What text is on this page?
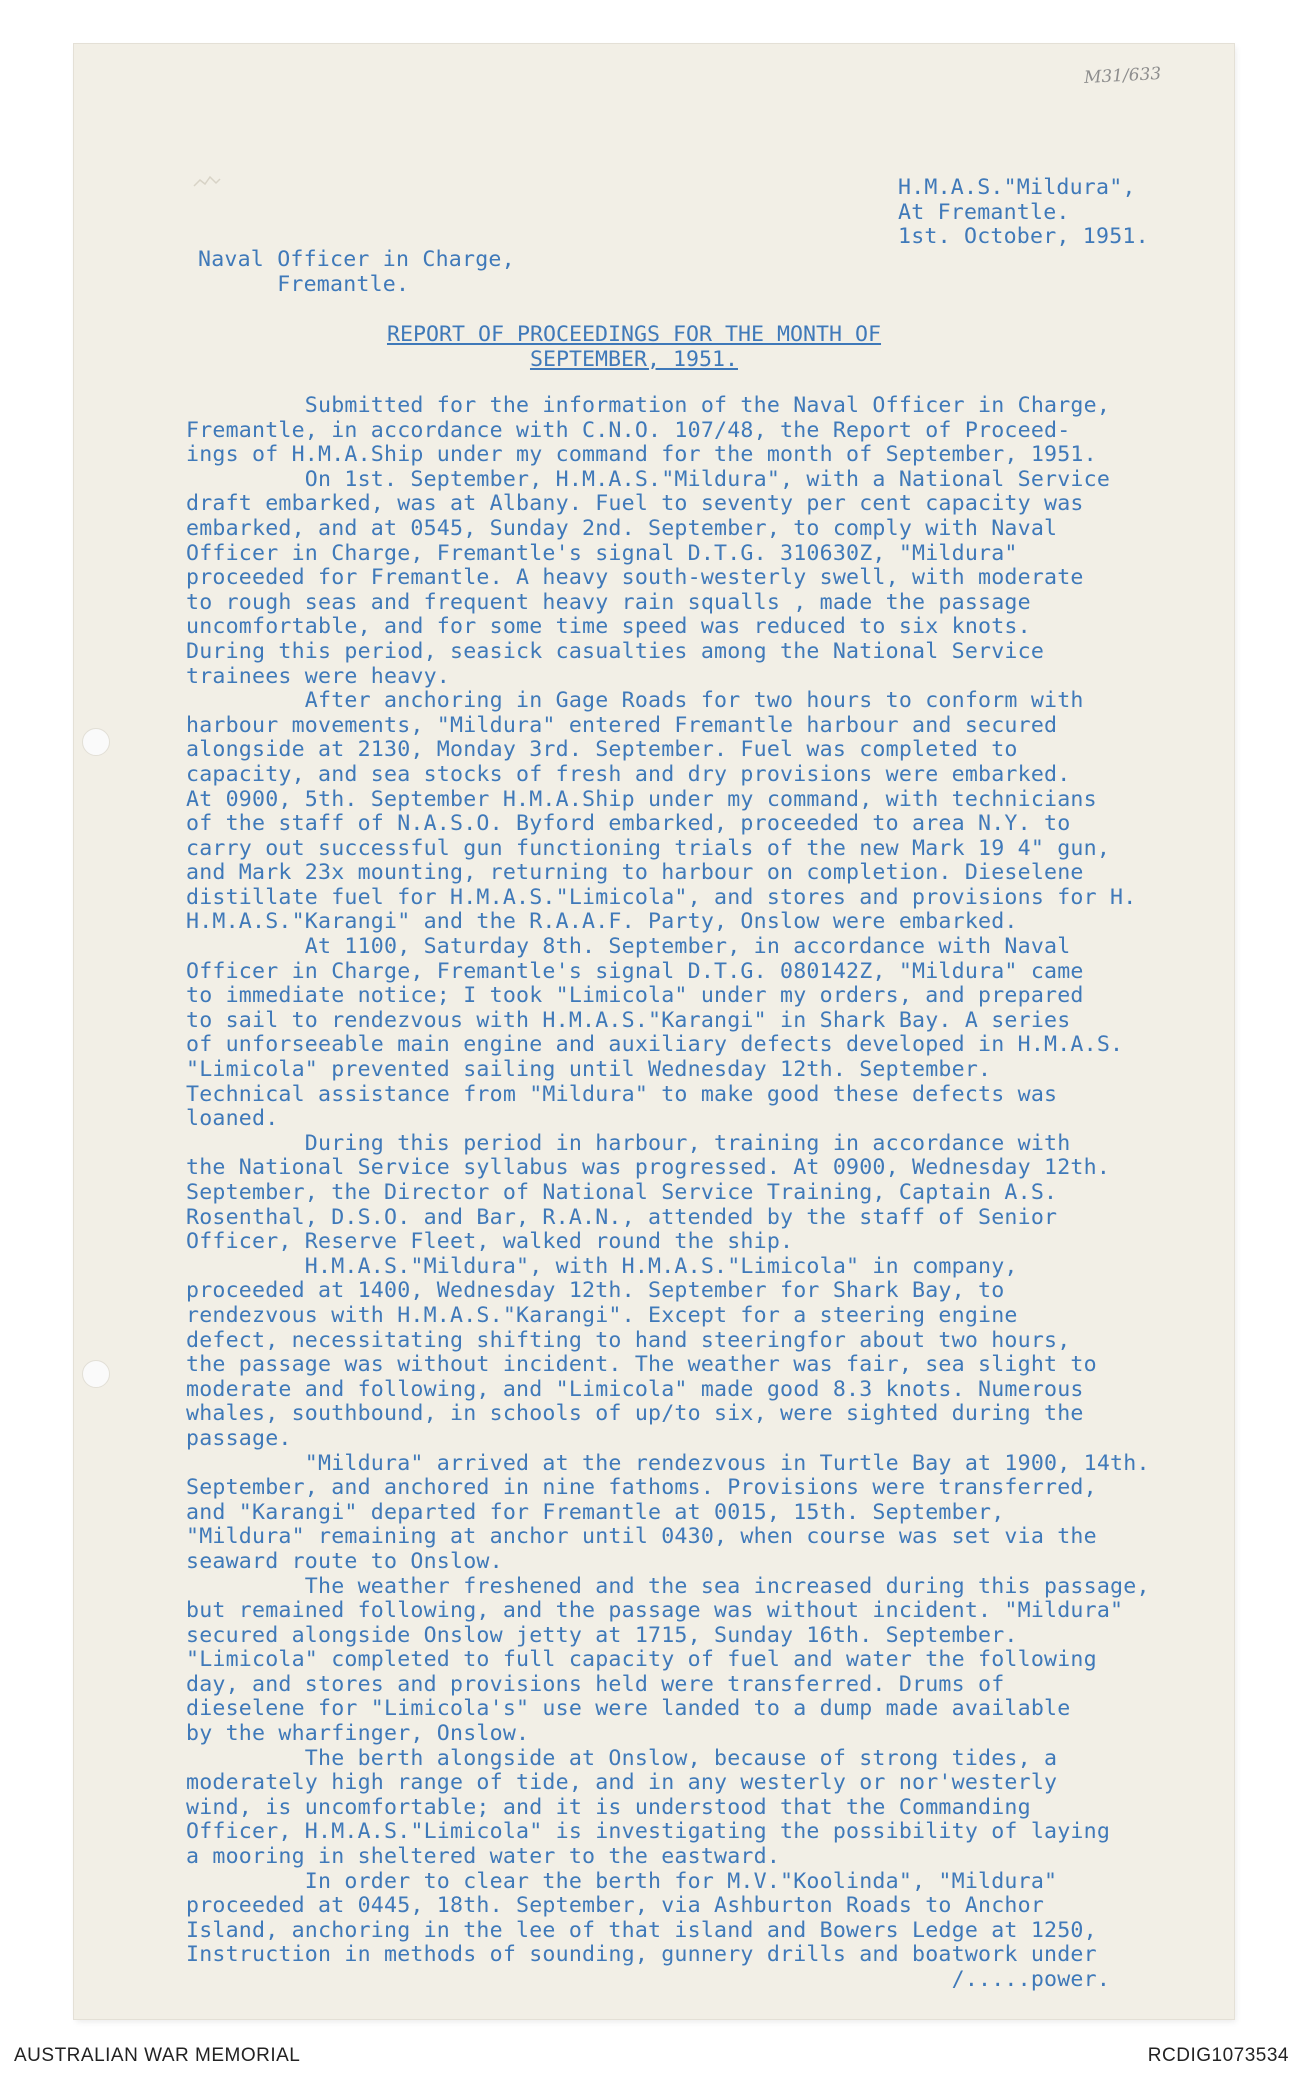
M31/633
H.M.A.S."Mildura",
At Fremantle.
1st. October, 1951.
Naval Officer in Charge,
Fremantle.
REPORT OF PROCEEDINGS FOR THE MONTH OF
SEPTEMBER, 1951.
Submitted for the information of the Naval Officer in Charge,
Fremantle, in accordance with C.N.O. 107/48, the Report of Proceed-
ings of H.M.A.Ship under my command for the month of September, 1951.
On 1st. September, H.M.A.S."Mildura", with a National Service
draft embarked, was at Albany. Fuel to seventy per cent capacity was
embarked, and at 0545, Sunday 2nd. September, to comply with Naval
Officer in Charge, Fremantle's signal D.T.G. 310630Z, "Mildura"
proceeded for Fremantle. A heavy south-westerly swell, with moderate
to rough seas and frequent heavy rain squalls , made the passage
uncomfortable, and for some time speed was reduced to six knots.
During this period, seasick casualties among the National Service
trainees were heavy.
After anchoring in Gage Roads for two hours to conform with
harbour movements, "Mildura" entered Fremantle harbour and secured
alongside at 2130, Monday 3rd. September. Fuel was completed to
capacity, and sea stocks of fresh and dry provisions were embarked.
At 0900, 5th. September H.M.A.Ship under my command, with technicians
of the staff of N.A.S.O. Byford embarked, proceeded to area N.Y. to
carry out successful gun functioning trials of the new Mark 19 4" gun,
and Mark 23x mounting, returning to harbour on completion. Dieselene
distillate fuel for H.M.A.S."Limicola", and stores and provisions for H.
H.M.A.S."Karangi" and the R.A.A.F. Party, Onslow were embarked.
At 1100, Saturday 8th. September, in accordance with Naval
Officer in Charge, Fremantle's signal D.T.G. 080142Z, "Mildura" came
to immediate notice; I took "Limicola" under my orders, and prepared
to sail to rendezvous with H.M.A.S."Karangi" in Shark Bay. A series
of unforseeable main engine and auxiliary defects developed in H.M.A.S.
"Limicola" prevented sailing until Wednesday 12th. September.
Technical assistance from "Mildura" to make good these defects was
loaned.
During this period in harbour, training in accordance with
the National Service syllabus was progressed. At 0900, Wednesday 12th.
September, the Director of National Service Training, Captain A.S.
Rosenthal, D.S.O. and Bar, R.A.N., attended by the staff of Senior
Officer, Reserve Fleet, walked round the ship.
H.M.A.S."Mildura", with H.M.A.S."Limicola" in company,
proceeded at 1400, Wednesday 12th. September for Shark Bay, to
rendezvous with H.M.A.S."Karangi". Except for a steering engine
defect, necessitating shifting to hand steeringfor about two hours,
the passage was without incident. The weather was fair, sea slight to
moderate and following, and "Limicola" made good 8.3 knots. Numerous
whales, southbound, in schools of up/to six, were sighted during the
passage.
"Mildura" arrived at the rendezvous in Turtle Bay at 1900, 14th.
September, and anchored in nine fathoms. Provisions were transferred,
and "Karangi" departed for Fremantle at 0015, 15th. September,
"Mildura" remaining at anchor until 0430, when course was set via the
seaward route to Onslow.
The weather freshened and the sea increased during this passage,
but remained following, and the passage was without incident. "Mildura"
secured alongside Onslow jetty at 1715, Sunday 16th. September.
"Limicola" completed to full capacity of fuel and water the following
day, and stores and provisions held were transferred. Drums of
dieselene for "Limicola's" use were landed to a dump made available
by the wharfinger, Onslow.
The berth alongside at Onslow, because of strong tides, a
moderately high range of tide, and in any westerly or nor'westerly
wind, is uncomfortable; and it is understood that the Commanding
Officer, H.M.A.S."Limicola" is investigating the possibility of laying
a mooring in sheltered water to the eastward.
In order to clear the berth for M.V."Koolinda", "Mildura"
proceeded at 0445, 18th. September, via Ashburton Roads to Anchor
Island, anchoring in the lee of that island and Bowers Ledge at 1250,
Instruction in methods of sounding, gunnery drills and boatwork under
/.....power.
AUSTRALIAN WAR MEMORIAL	RCDIG1073534
